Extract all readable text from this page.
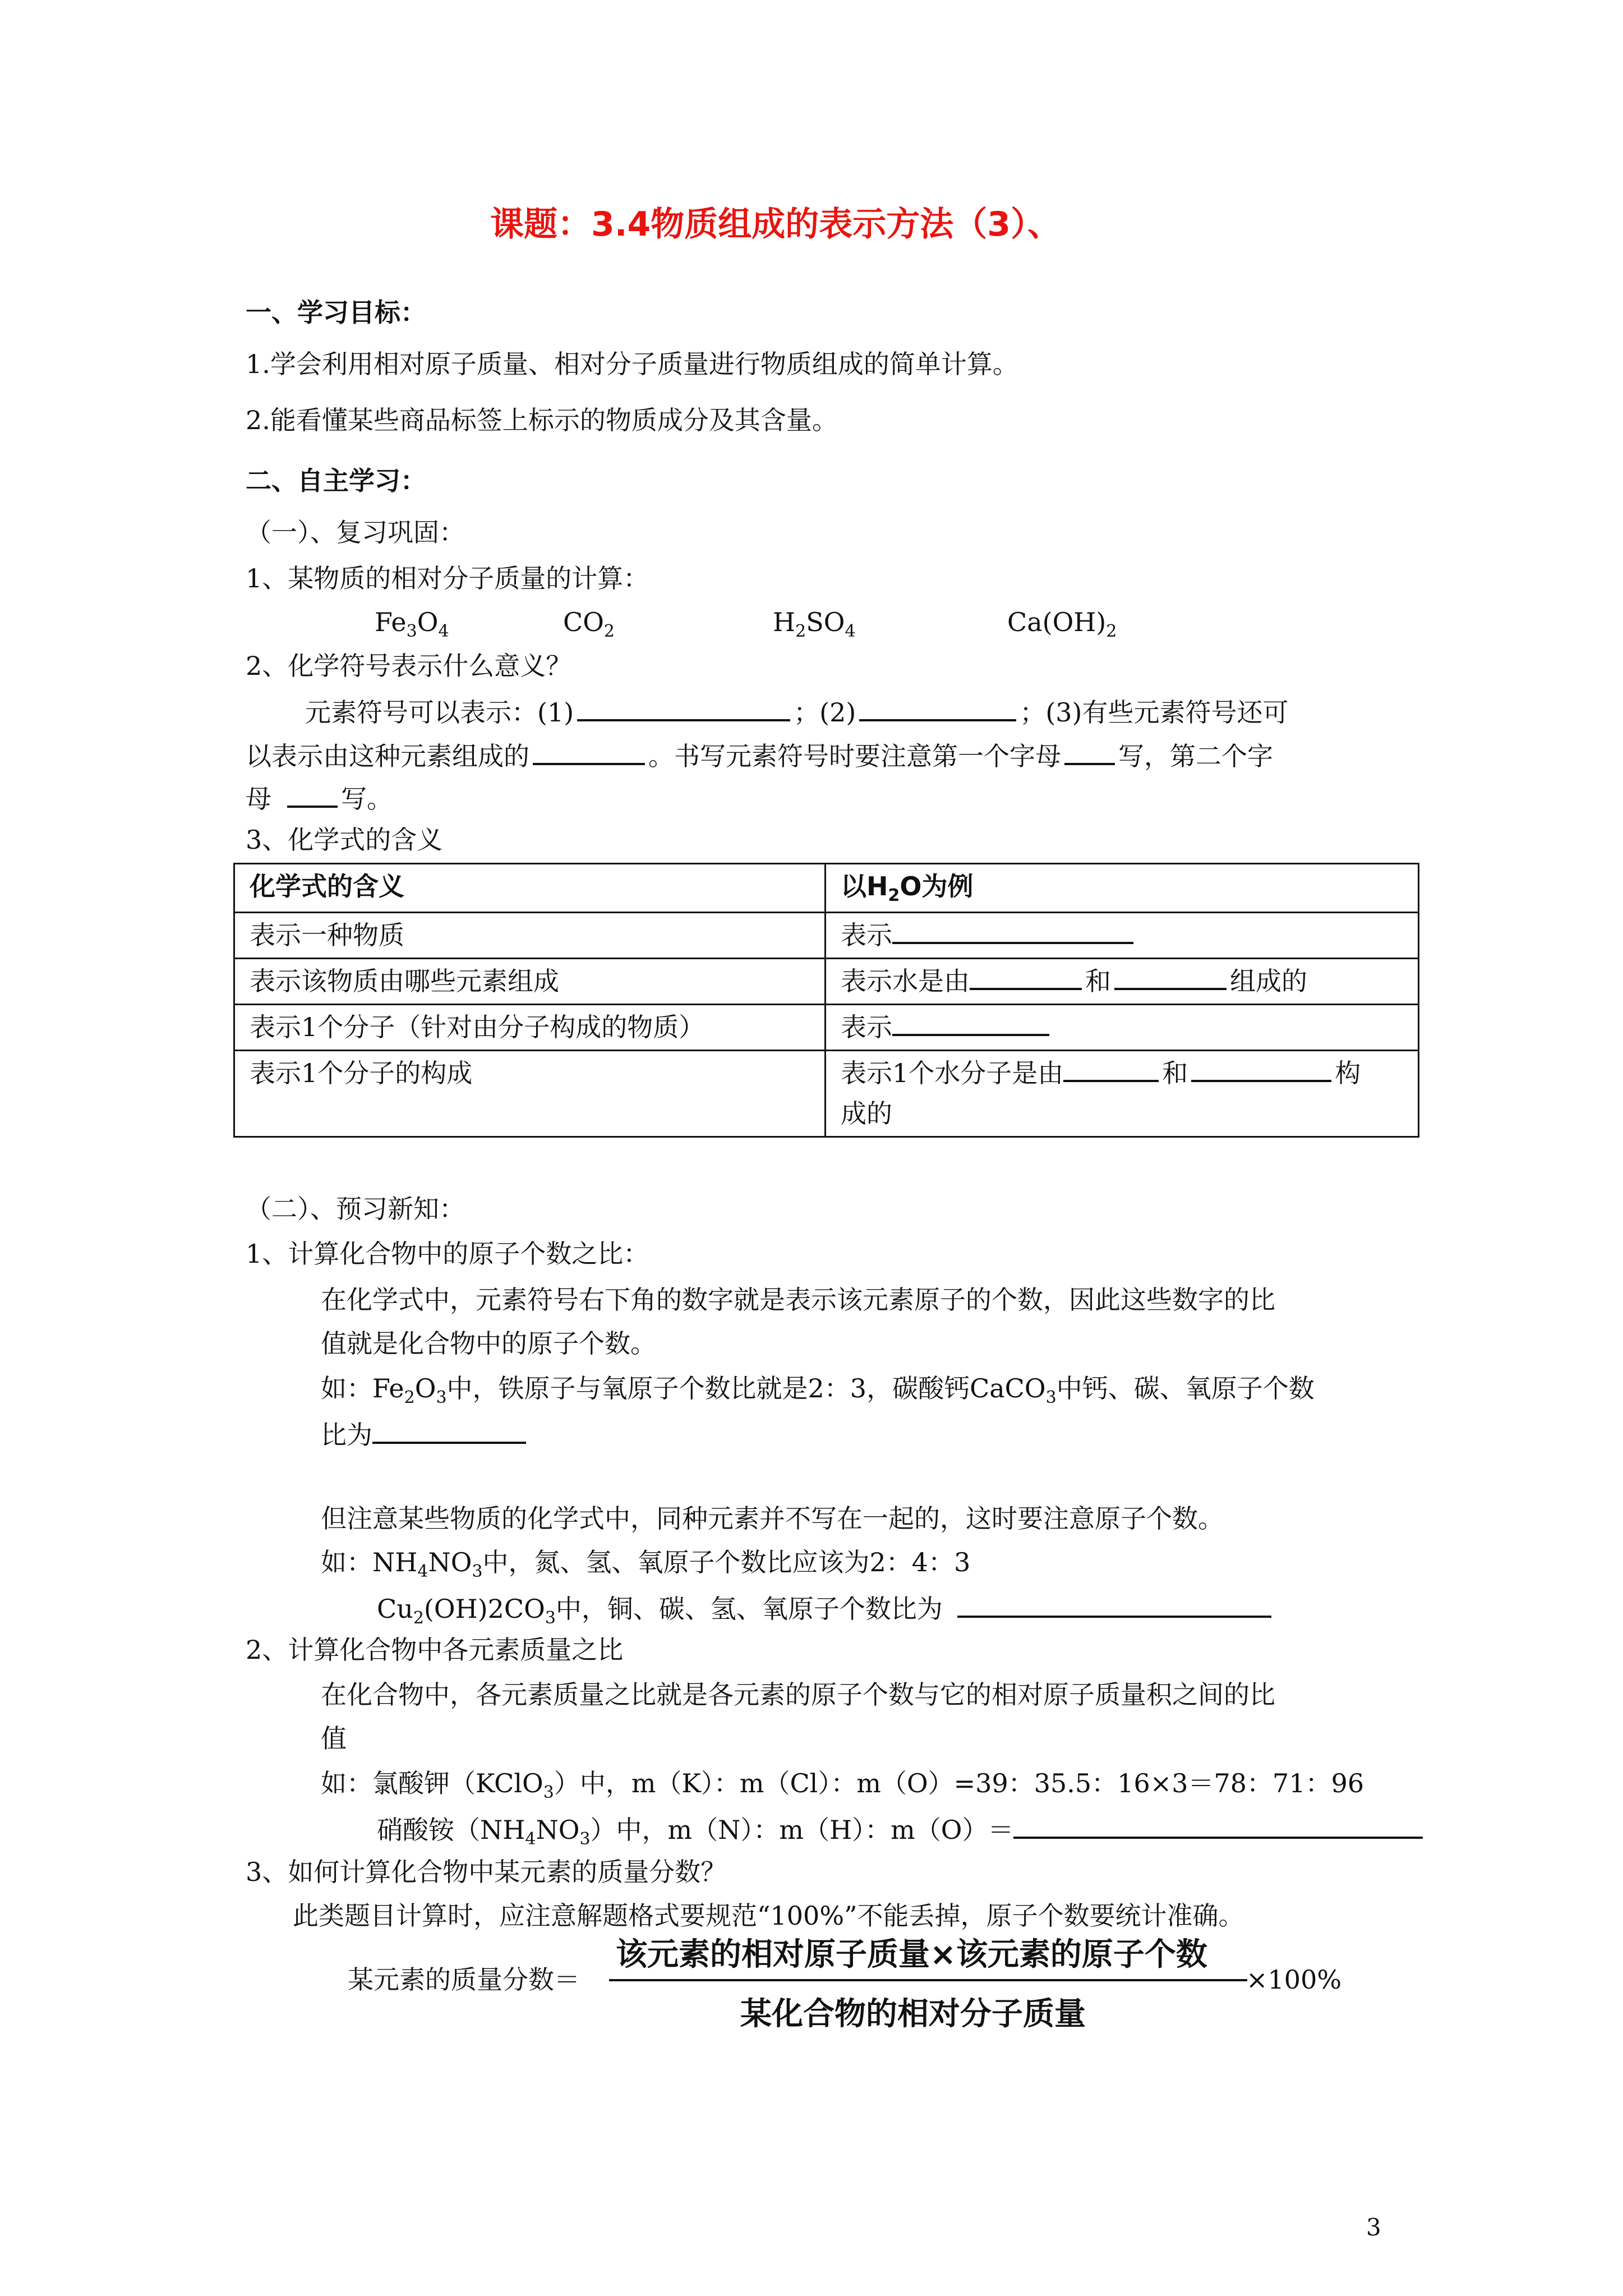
课题：3.4物质组成的表示方法（3）、
一、学习目标：
1.学会利用相对原子质量、相对分子质量进行物质组成的简单计算。
2.能看懂某些商品标签上标示的物质成分及其含量。
二、自主学习：
（一）、复习巩固：
1、某物质的相对分子质量的计算：
$Fe_3O_4$	$CO_2$	$H_2SO_4$	$Ca(OH)_2$
2、化学符号表示什么意义？
元素符号可以表示：(1)	；(2)	；(3)有些元素符号还可
以表示由这种元素组成的	。书写元素符号时要注意第一个字母 写，第二个字
母	写。
3、化学式的含义
化学式的含义	以$H_2O$为例
表示一种物质	表示
表示该物质由哪些元素组成	表示水是由 和 组成的
表示1个分子（针对由分子构成的物质）	表示
表示1个分子的构成	表示1个水分子是由 和 构
成的
（二）、预习新知：
1、计算化合物中的原子个数之比：
在化学式中，元素符号右下角的数字就是表示该元素原子的个数，因此这些数字的比
值就是化合物中的原子个数。
如：$Fe_2O_3$中，铁原子与氧原子个数比就是2：3，碳酸钙CaCO$_3$中钙、碳、氧原子个数
比为
但注意某些物质的化学式中，同种元素并不写在一起的，这时要注意原子个数。
如：$NH_4NO_3$中，氮、氢、氧原子个数比应该为2：4：3
$Cu_2(OH)2CO_3$中，铜、碳、氢、氧原子个数比为
2、计算化合物中各元素质量之比
在化合物中，各元素质量之比就是各元素的原子个数与它的相对原子质量积之间的比
值
如：氯酸钾（KClO$_3$）中，m（K）：m（Cl）：m（O）=39：35.5：16×3＝78：71：96
硝酸铵$(NH_4NO_3)$中，m（N）：m（H）：m（O）＝
3、如何计算化合物中某元素的质量分数？
此类题目计算时，应注意解题格式要规范“100%”不能丢掉，原子个数要统计准确。
某元素的质量分数＝
该元素的相对原子质量×该元素的原子个数
某化合物的相对分子质量
×100%
3
